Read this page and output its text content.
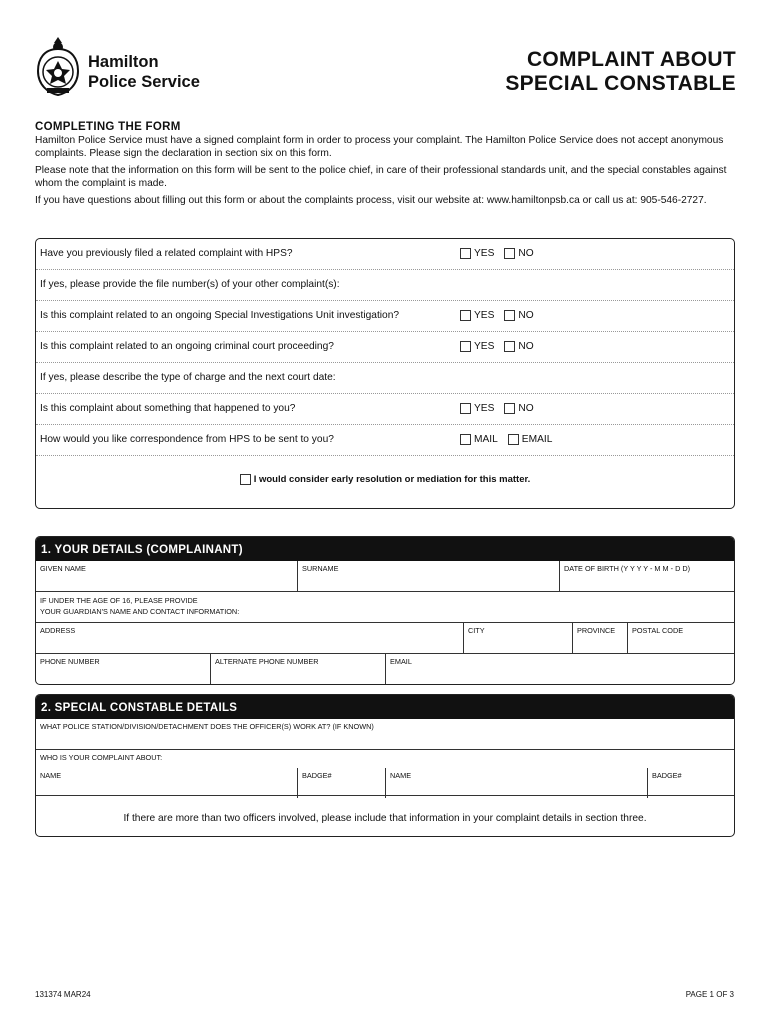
Hamilton
Police Service
COMPLAINT ABOUT
SPECIAL CONSTABLE
COMPLETING THE FORM

Hamilton Police Service must have a signed complaint form in order to process your complaint. The Hamilton Police Service does not accept anonymous complaints. Please sign the declaration in section six on this form.

Please note that the information on this form will be sent to the police chief, in care of their professional standards unit, and the special constables against whom the complaint is made.

If you have questions about filling out this form or about the complaints process, visit our website at: www.hamiltonpsb.ca or call us at: 905-546-2727.

Have you previously filed a related complaint with HPS?	YES NO
If yes, please provide the file number(s) of your other complaint(s):
Is this complaint related to an ongoing Special Investigations Unit investigation?	YES NO
Is this complaint related to an ongoing criminal court proceeding?	YES NO
If yes, please describe the type of charge and the next court date:
Is this complaint about something that happened to you?	YES NO
How would you like correspondence from HPS to be sent to you?	MAIL EMAIL
I would consider early resolution or mediation for this matter.
1. YOUR DETAILS (COMPLAINANT)
GIVEN NAME	SURNAME	DATE OF BIRTH (Y Y Y Y - M M - D D)
IF UNDER THE AGE OF 16, PLEASE PROVIDE
YOUR GUARDIAN'S NAME AND CONTACT INFORMATION:
ADDRESS	CITY	PROVINCE	POSTAL CODE
PHONE NUMBER	ALTERNATE PHONE NUMBER	EMAIL
2. SPECIAL CONSTABLE DETAILS
WHAT POLICE STATION/DIVISION/DETACHMENT DOES THE OFFICER(S) WORK AT? (IF KNOWN)
WHO IS YOUR COMPLAINT ABOUT:
NAME	BADGE#	NAME	BADGE#
If there are more than two officers involved, please include that information in your complaint details in section three.
131374 MAR24	PAGE 1 OF 3
